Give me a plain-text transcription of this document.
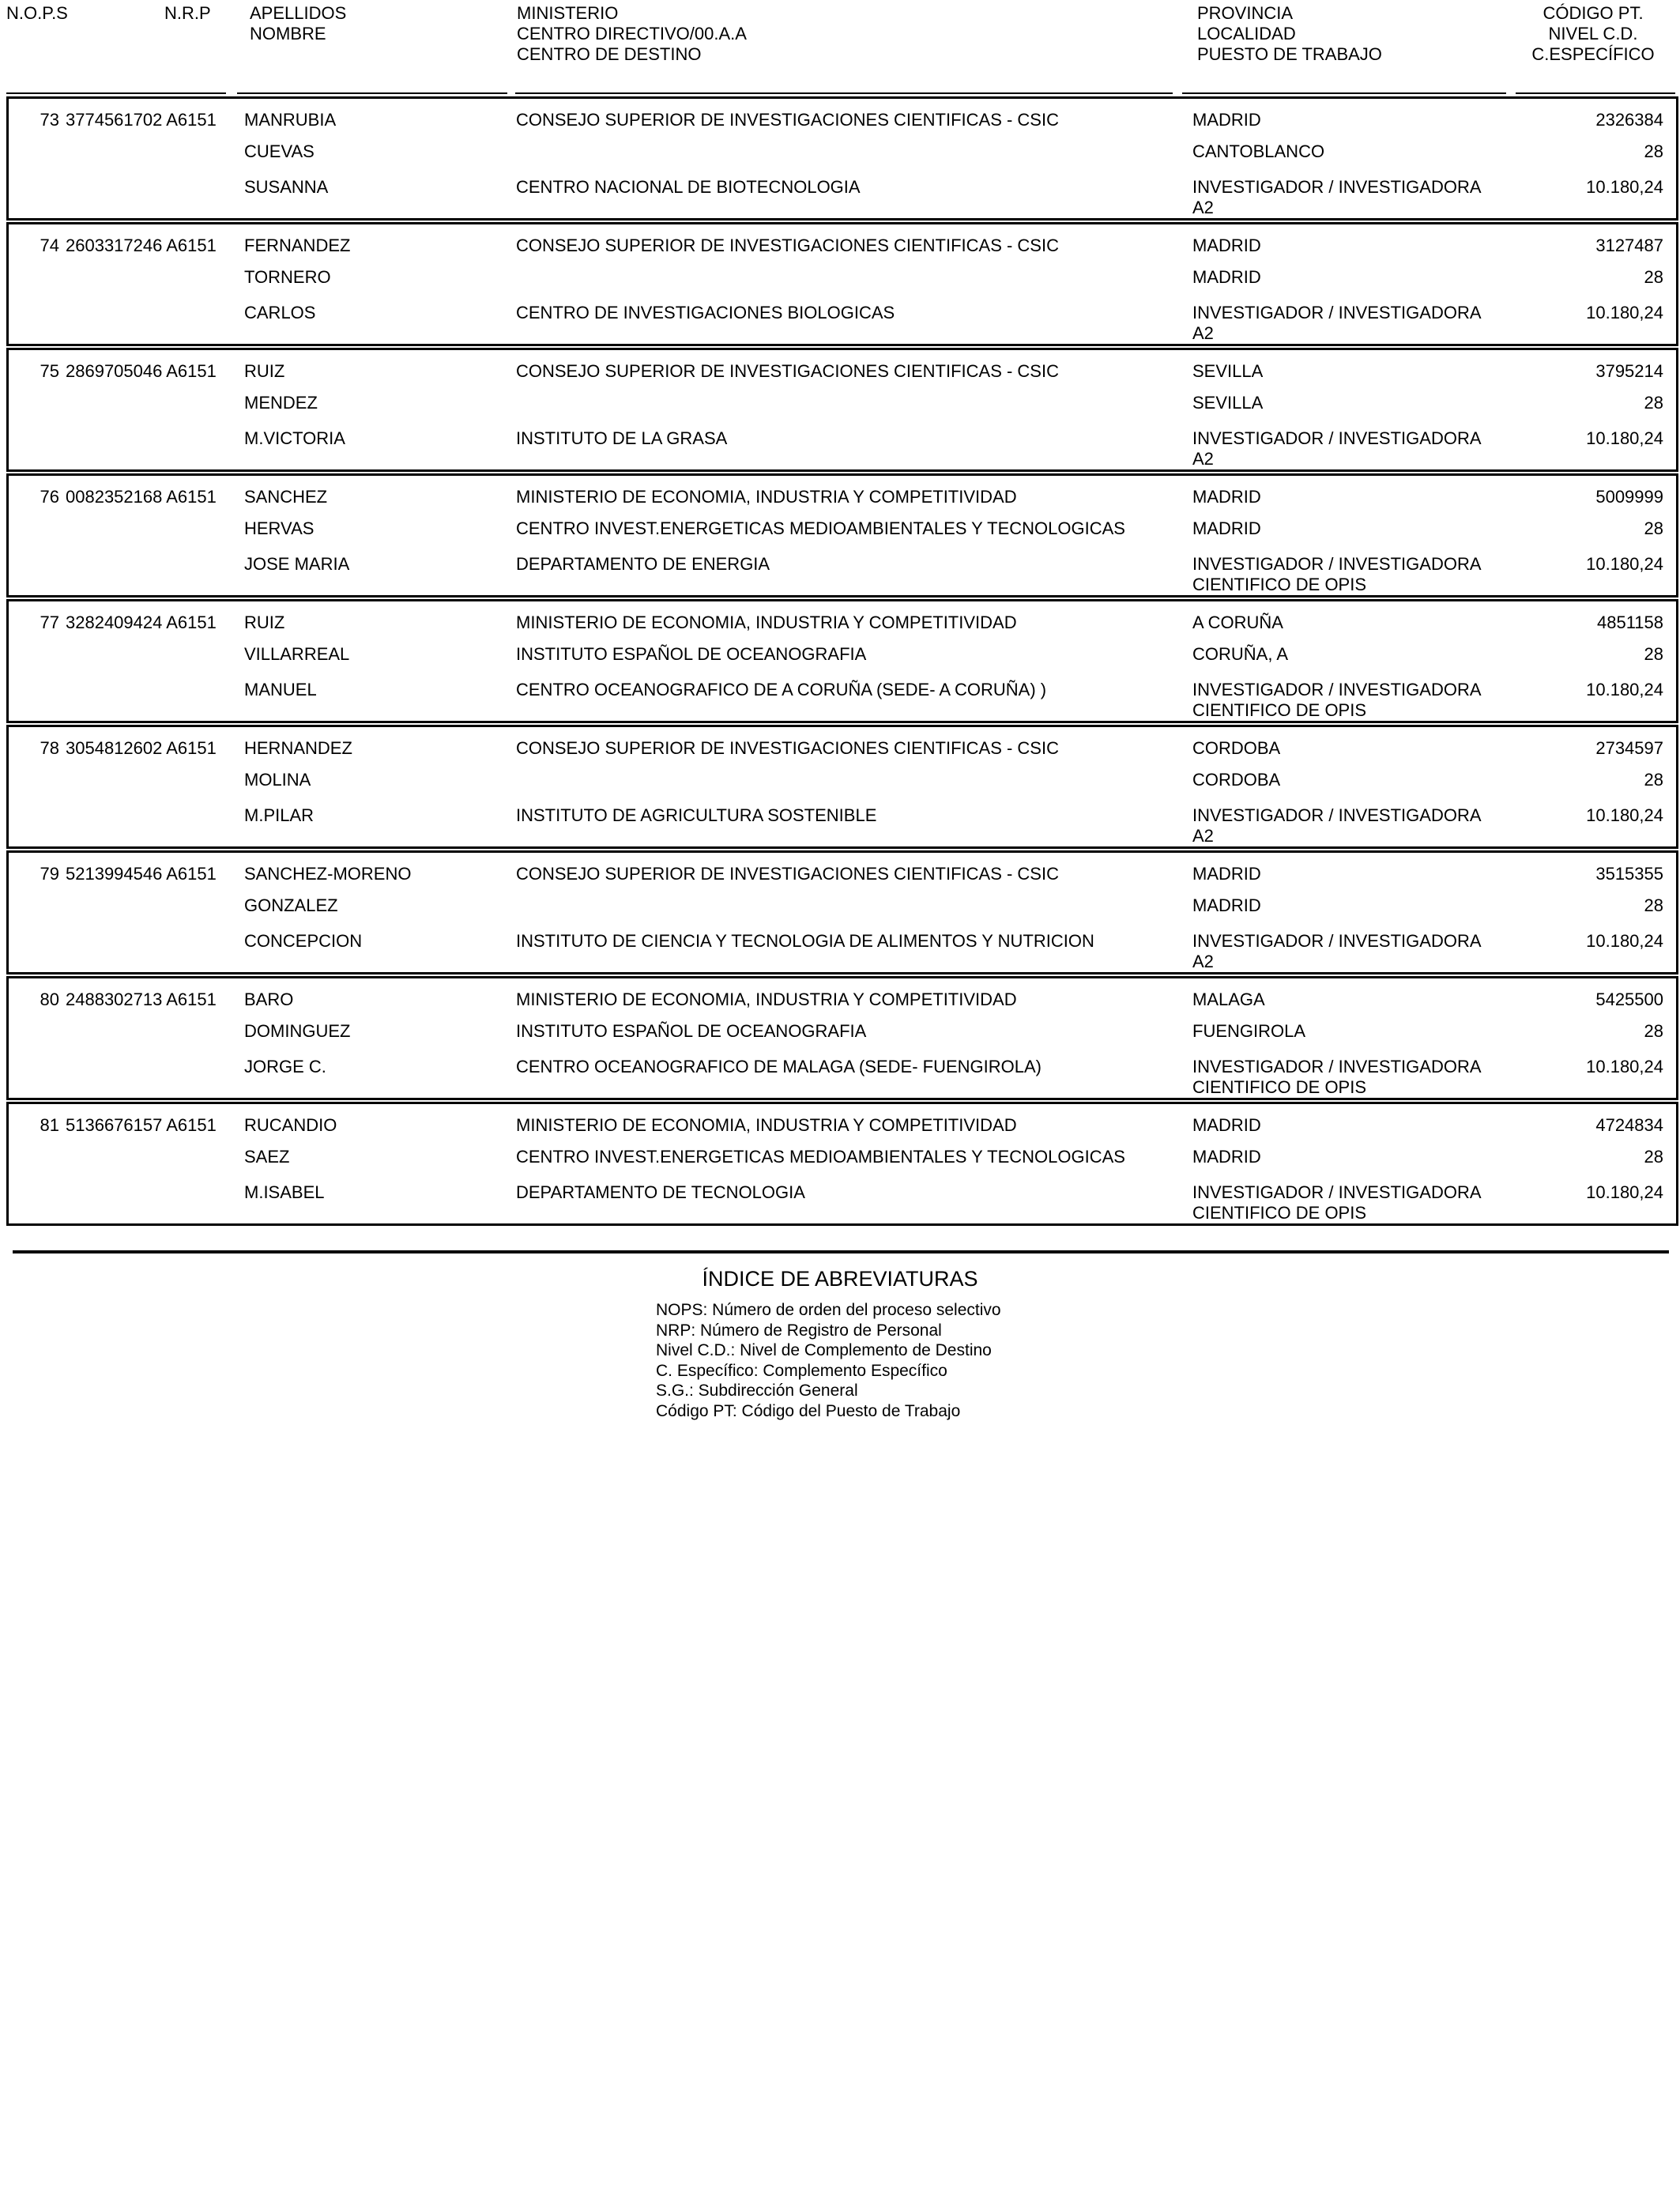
N.O.P.S	N.R.P APELLIDOS
NOMBRE
MINISTERIO
CENTRO DIRECTIVO/00.A.A
CENTRO DE DESTINO
PROVINCIA
LOCALIDAD
PUESTO DE TRABAJO
CÓDIGO PT.
NIVEL C.D.
C.ESPECÍFICO
73 3774561702 A6151 MANRUBIA
CUEVAS
SUSANNA
CONSEJO SUPERIOR DE INVESTIGACIONES CIENTIFICAS - CSIC
CENTRO NACIONAL DE BIOTECNOLOGIA
MADRID
CANTOBLANCO
INVESTIGADOR / INVESTIGADORA
A2
2326384
28
10.180,24
74 2603317246 A6151 FERNANDEZ
TORNERO
CARLOS
CONSEJO SUPERIOR DE INVESTIGACIONES CIENTIFICAS - CSIC
CENTRO DE INVESTIGACIONES BIOLOGICAS
MADRID
MADRID
INVESTIGADOR / INVESTIGADORA
A2
3127487
28
10.180,24
75 2869705046 A6151 RUIZ
MENDEZ
M.VICTORIA
CONSEJO SUPERIOR DE INVESTIGACIONES CIENTIFICAS - CSIC
INSTITUTO DE LA GRASA
SEVILLA
SEVILLA
INVESTIGADOR / INVESTIGADORA
A2
3795214
28
10.180,24
76 0082352168 A6151 SANCHEZ
HERVAS
JOSE MARIA
MINISTERIO DE ECONOMIA, INDUSTRIA Y COMPETITIVIDAD
CENTRO INVEST.ENERGETICAS MEDIOAMBIENTALES Y TECNOLOGICAS
DEPARTAMENTO DE ENERGIA
MADRID
MADRID
INVESTIGADOR / INVESTIGADORA
CIENTIFICO DE OPIS
5009999
28
10.180,24
77 3282409424 A6151 RUIZ
VILLARREAL
MANUEL
MINISTERIO DE ECONOMIA, INDUSTRIA Y COMPETITIVIDAD
INSTITUTO ESPAÑOL DE OCEANOGRAFIA
CENTRO OCEANOGRAFICO DE A CORUÑA (SEDE- A CORUÑA) )
A CORUÑA
CORUÑA, A
INVESTIGADOR / INVESTIGADORA
CIENTIFICO DE OPIS
4851158
28
10.180,24
78 3054812602 A6151 HERNANDEZ
MOLINA
M.PILAR
CONSEJO SUPERIOR DE INVESTIGACIONES CIENTIFICAS - CSIC
INSTITUTO DE AGRICULTURA SOSTENIBLE
CORDOBA
CORDOBA
INVESTIGADOR / INVESTIGADORA
A2
2734597
28
10.180,24
79 5213994546 A6151 SANCHEZ-MORENO
GONZALEZ
CONCEPCION
CONSEJO SUPERIOR DE INVESTIGACIONES CIENTIFICAS - CSIC
INSTITUTO DE CIENCIA Y TECNOLOGIA DE ALIMENTOS Y NUTRICION
MADRID
MADRID
INVESTIGADOR / INVESTIGADORA
A2
3515355
28
10.180,24
80 2488302713 A6151 BARO
DOMINGUEZ
JORGE C.
MINISTERIO DE ECONOMIA, INDUSTRIA Y COMPETITIVIDAD
INSTITUTO ESPAÑOL DE OCEANOGRAFIA
CENTRO OCEANOGRAFICO DE MALAGA (SEDE- FUENGIROLA)
MALAGA
FUENGIROLA
INVESTIGADOR / INVESTIGADORA
CIENTIFICO DE OPIS
5425500
28
10.180,24
81 5136676157 A6151 RUCANDIO
SAEZ
M.ISABEL
MINISTERIO DE ECONOMIA, INDUSTRIA Y COMPETITIVIDAD
CENTRO INVEST.ENERGETICAS MEDIOAMBIENTALES Y TECNOLOGICAS
DEPARTAMENTO DE TECNOLOGIA
MADRID
MADRID
INVESTIGADOR / INVESTIGADORA
CIENTIFICO DE OPIS
4724834
28
10.180,24
ÍNDICE DE ABREVIATURAS
NOPS: Número de orden del proceso selectivo
NRP: Número de Registro de Personal
Nivel C.D.: Nivel de Complemento de Destino
C. Específico: Complemento Específico
S.G.: Subdirección General
Código PT: Código del Puesto de Trabajo
